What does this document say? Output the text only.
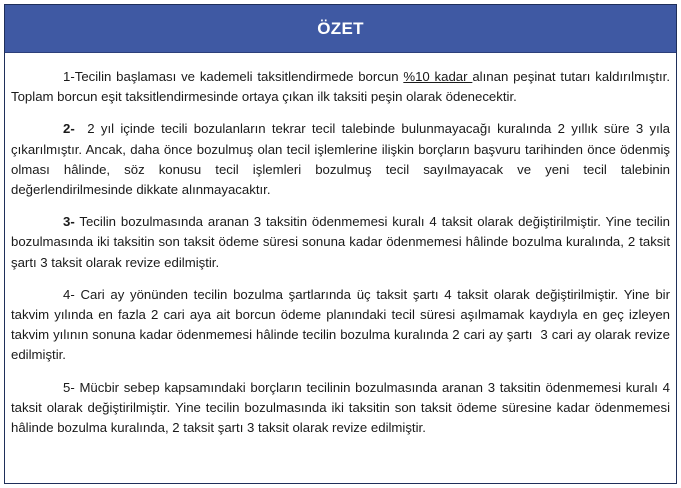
ÖZET

1-Tecilin başlaması ve kademeli taksitlendirmede borcun %10 kadar alınan peşinat tutarı kaldırılmıştır. Toplam borcun eşit taksitlendirmesinde ortaya çıkan ilk taksiti peşin olarak ödenecektir.

2-  2 yıl içinde tecili bozulanların tekrar tecil talebinde bulunmayacağı kuralında 2 yıllık süre 3 yıla çıkarılmıştır. Ancak, daha önce bozulmuş olan tecil işlemlerine ilişkin borçların başvuru tarihinden önce ödenmiş olması hâlinde, söz konusu tecil işlemleri bozulmuş tecil sayılmayacak ve yeni tecil talebinin değerlendirilmesinde dikkate alınmayacaktır.

3- Tecilin bozulmasında aranan 3 taksitin ödenmemesi kuralı 4 taksit olarak değiştirilmiştir. Yine tecilin bozulmasında iki taksitin son taksit ödeme süresi sonuna kadar ödenmemesi hâlinde bozulma kuralında, 2 taksit şartı 3 taksit olarak revize edilmiştir.

4- Cari ay yönünden tecilin bozulma şartlarında üç taksit şartı 4 taksit olarak değiştirilmiştir. Yine bir takvim yılında en fazla 2 cari aya ait borcun ödeme planındaki tecil süresi aşılmamak kaydıyla en geç izleyen takvim yılının sonuna kadar ödenmemesi hâlinde tecilin bozulma kuralında 2 cari ay şartı  3 cari ay olarak revize edilmiştir.

5- Mücbir sebep kapsamındaki borçların tecilinin bozulmasında aranan 3 taksitin ödenmemesi kuralı 4 taksit olarak değiştirilmiştir. Yine tecilin bozulmasında iki taksitin son taksit ödeme süresine kadar ödenmemesi hâlinde bozulma kuralında, 2 taksit şartı 3 taksit olarak revize edilmiştir.
